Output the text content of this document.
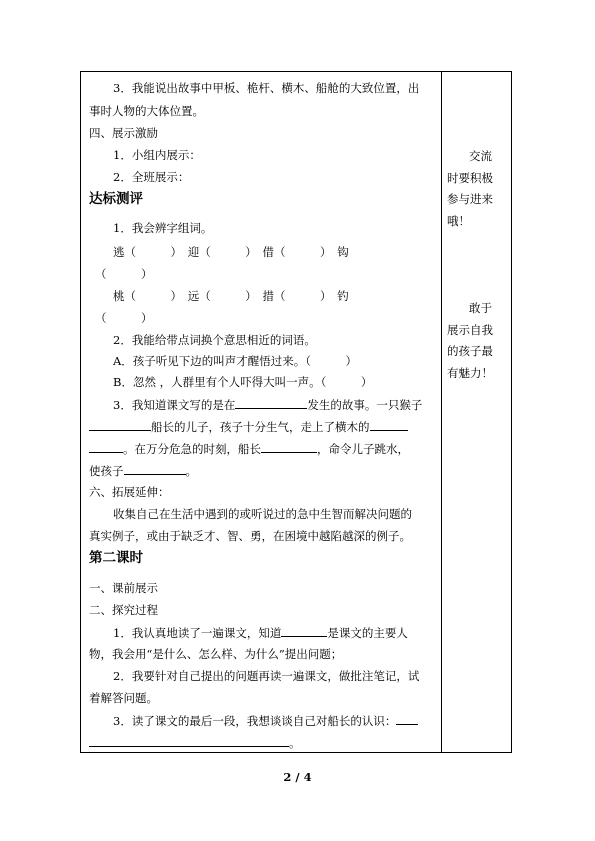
3．我能说出故事中甲板、桅杆、横木、船舱的大致位置，出
事时人物的大体位置。
四、展示激励
1．小组内展示：
2．全班展示：
达标测评
1．我会辨字组词。
逃（　　　）　迎（　　　）　借（　　　）　钩
（　　　）
桃（　　　）　远（　　　）　措（　　　）　钓
（　　　）
2．我能给带点词换个意思相近的词语。
A．孩子听见下边的叫声才醒悟过来。（　　　）
B．忽然 ，人群里有个人吓得大叫一声。（　　　）
3．我知道课文写的是在	发生的故事。一只猴子
船长的儿子，孩子十分生气，走上了横木的
。在万分危急的时刻，船长	，命令儿子跳水，
使孩子	。
六、拓展延伸：
收集自己在生活中遇到的或听说过的急中生智而解决问题的
真实例子，或由于缺乏才、智、勇，在困境中越陷越深的例子。
第二课时
一、课前展示
二、探究过程
1．我认真地读了一遍课文，知道	是课文的主要人
物，我会用“是什么、怎么样、为什么”提出问题；
2．我要针对自己提出的问题再读一遍课文，做批注笔记，试
着解答问题。
3．读了课文的最后一段，我想谈谈自己对船长的认识：
。
交流
时要积极
参与进来
哦！
敢于
展示自我
的孩子最
有魅力！
2 / 4
